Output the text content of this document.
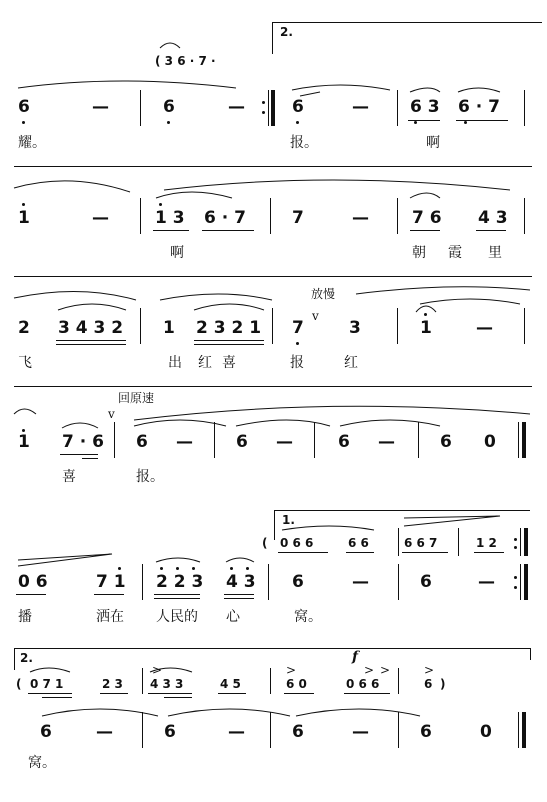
2.
( 3 6 · 7 ·
6	—	6	—	6	— 6 3 6 · 7
耀。	报。	啊
1	—	1 3 6 · 7	7	—	7 6 4 3
啊	朝 霞 里
放慢
2 3 4 3 2 1 2 3 2 1 7
v
3	1	—
飞	出 红 喜	报	红
回原速
v
1 7 · 6 6 —	6 —	6 —	6 0
喜	报。
1.
( 0 6 6	6 6	6 6 7	1 2
0 6	7 1 2 2 3 4 3 6	—	6	—
播	洒在 人民的 心	窝。
2.	f
>	>	> >	>
( 0 7 1	2 3 4 3 3	4 5	6 0	0 6 6	6 )
6	—	6	—	6	—	6	0
窝。
